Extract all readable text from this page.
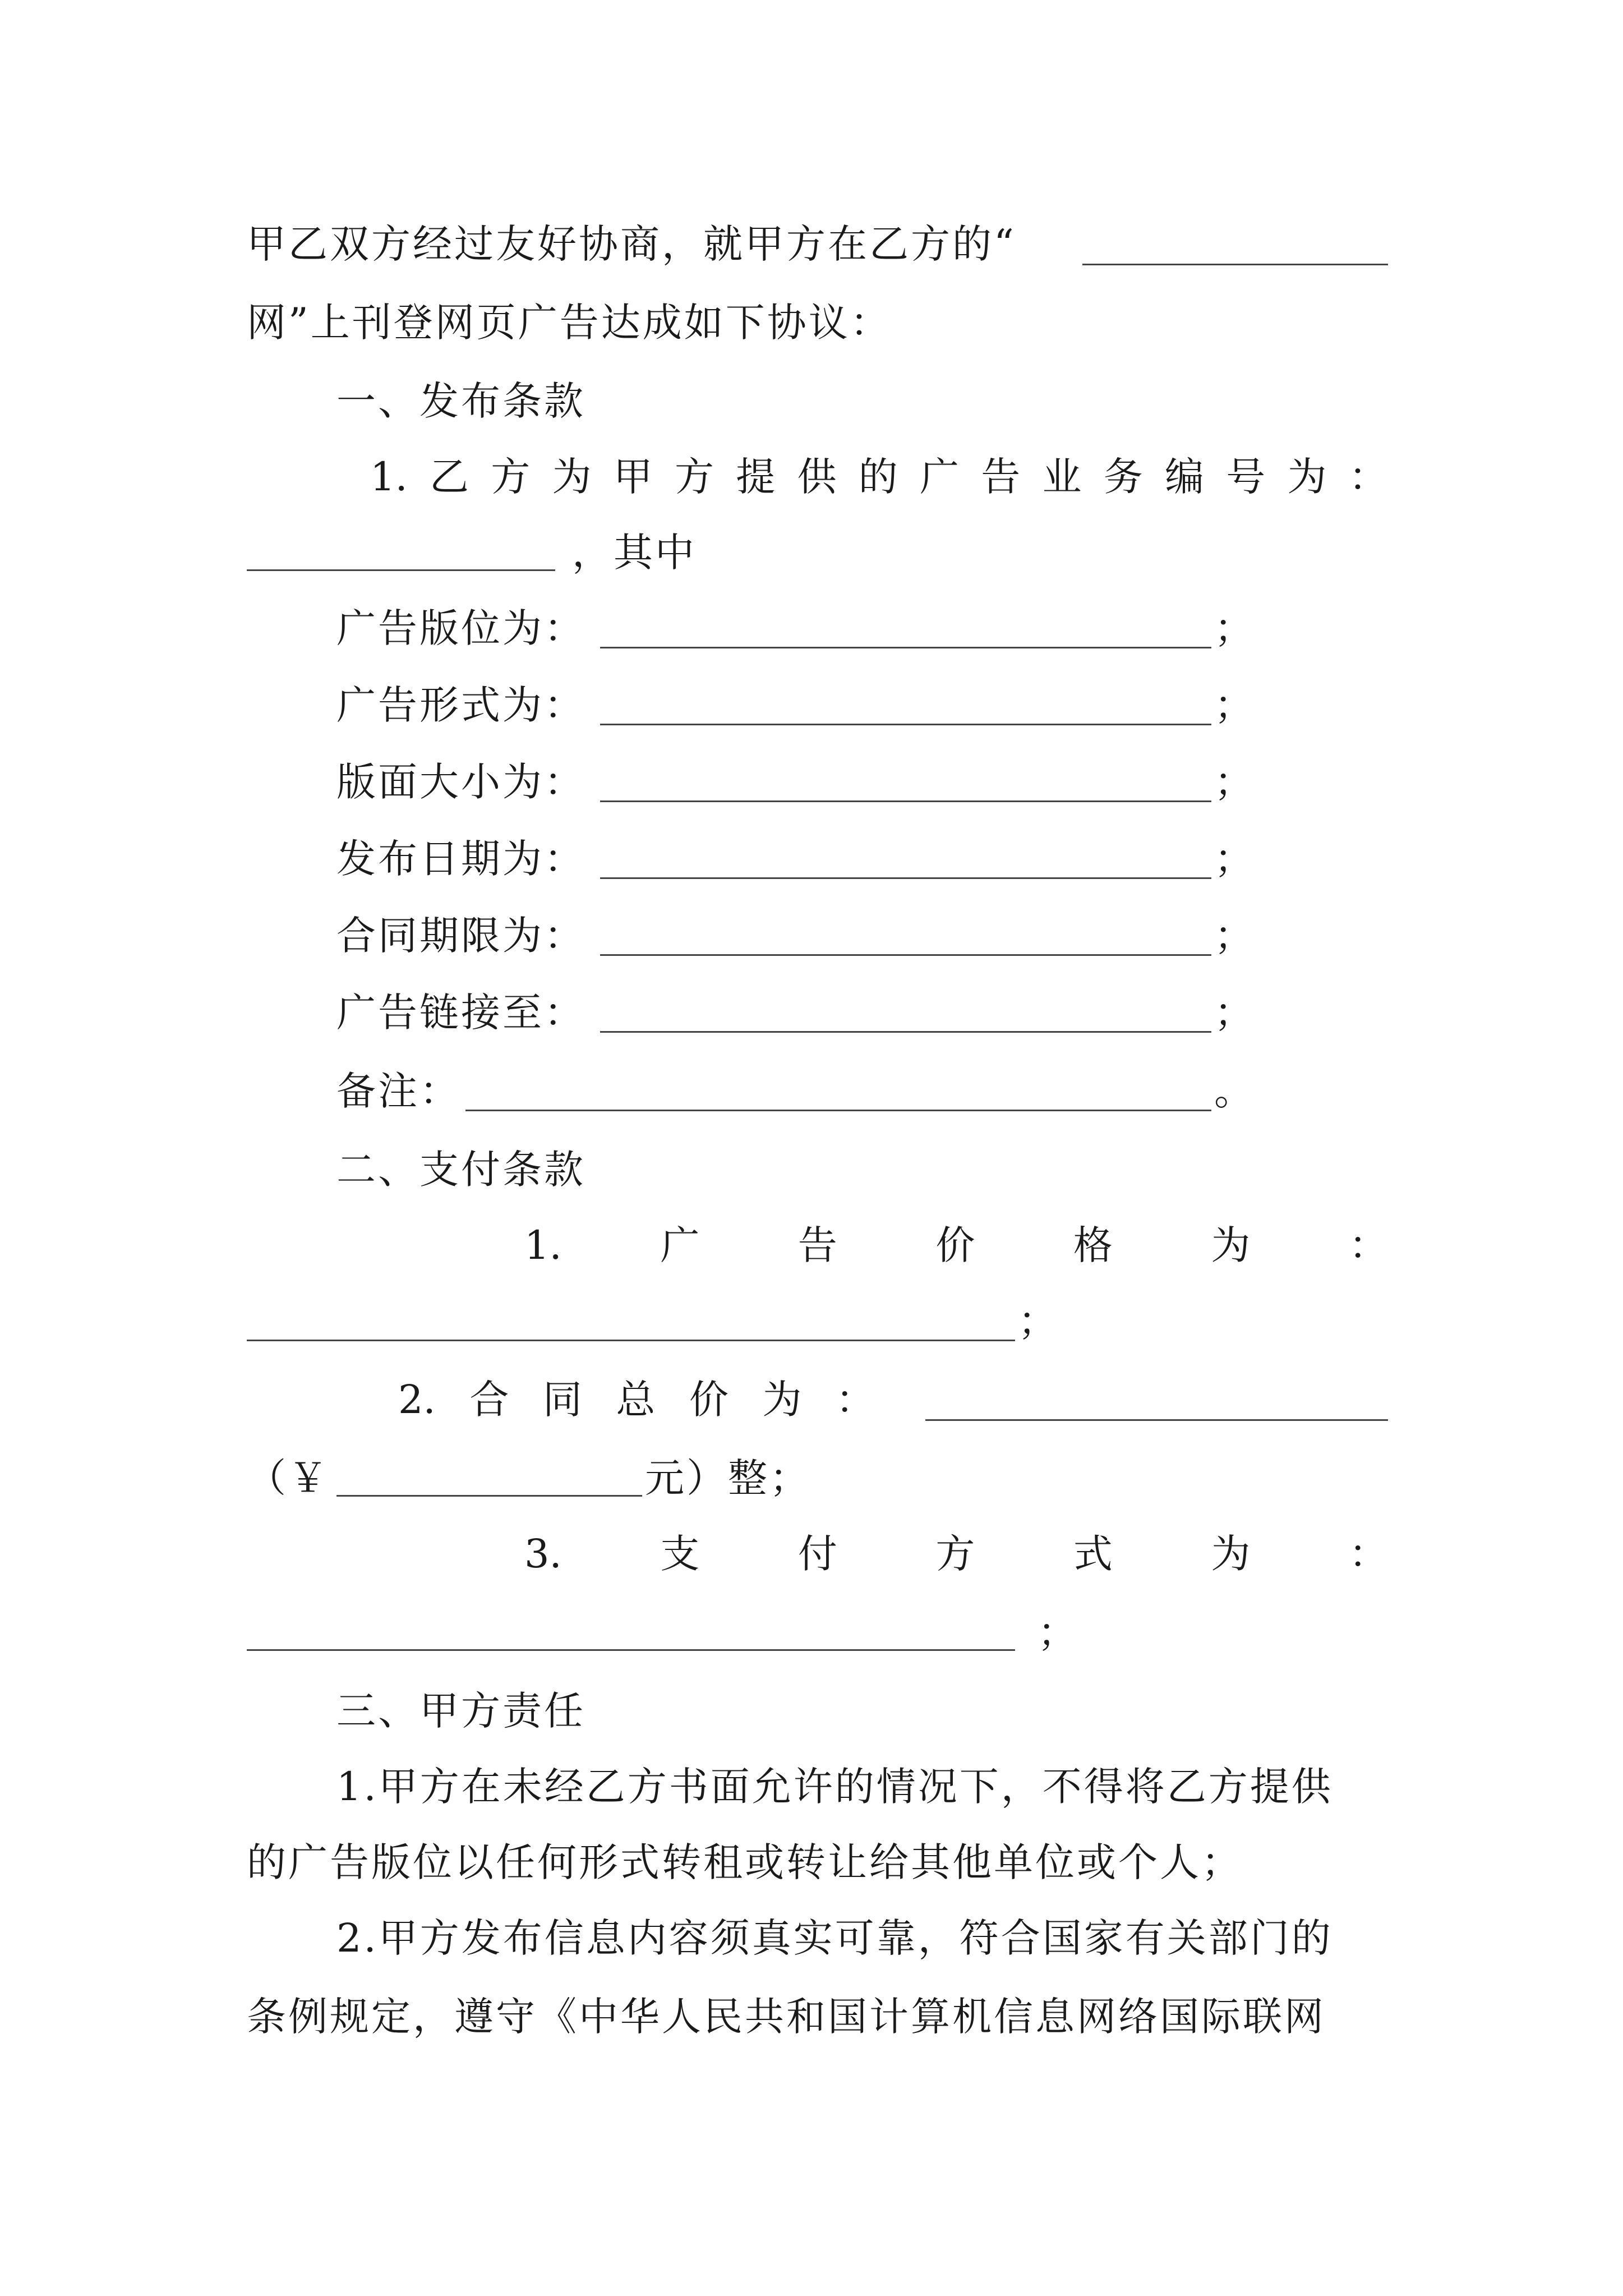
甲乙双方经过友好协商，就甲方在乙方的“
网”上刊登网页广告达成如下协议：
一、发布条款
1. 乙 方 为 甲 方 提 供 的 广 告 业 务 编 号 为 ：
，其中
广告版位为：	；
广告形式为：	；
版面大小为：	；
发布日期为：	；
合同期限为：	；
广告链接至：	；
备注：	。
二、支付条款
1.	广	告	价	格	为	：
；
2. 合 同 总 价 为 ：
（￥	元）整；
3.	支	付	方	式	为	：
；
三、甲方责任
1.甲方在未经乙方书面允许的情况下，不得将乙方提供
的广告版位以任何形式转租或转让给其他单位或个人；
2.甲方发布信息内容须真实可靠，符合国家有关部门的
条例规定，遵守《中华人民共和国计算机信息网络国际联网
